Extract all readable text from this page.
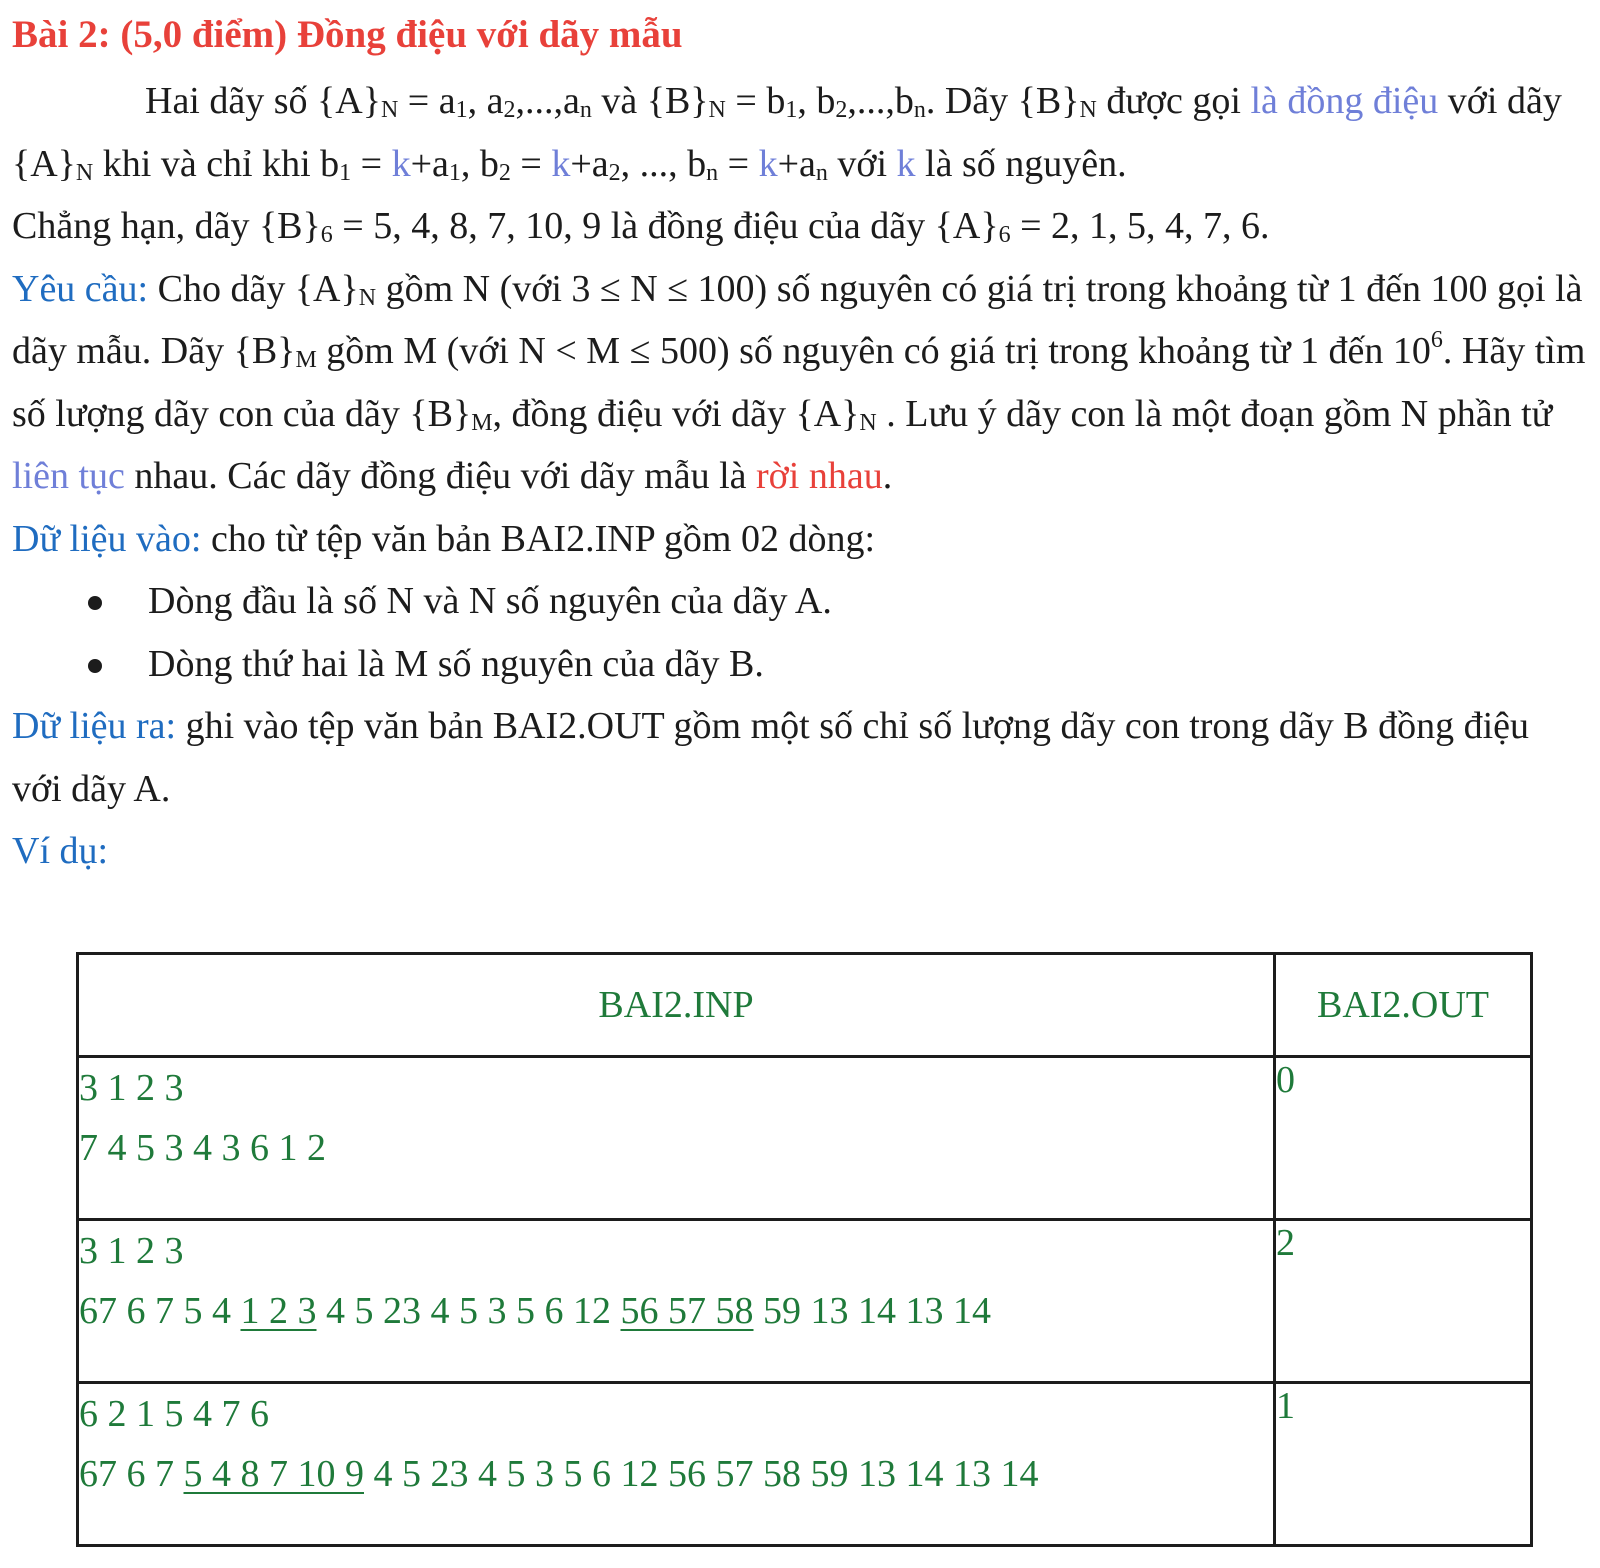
Bài 2: (5,0 điểm) Đồng điệu với dãy mẫu

Hai dãy số $\{A\}_N = a_1$, $a_2,...,a_n$ và $\{B\}_N = b_1$, $b_2,...,b_n$. Dãy $\{B\}_N$ được gọi là đồng điệu với dãy $\{A\}_N$ khi và chỉ khi $b_1 = k+a_1$, $b_2 = k+a_2$, ..., $b_n = k+a_n$ với k là số nguyên.

Chẳng hạn, dãy $\{B\}_6 = 5$, 4, 8, 7, 10, 9 là đồng điệu của dãy $\{A\}_6 = 2$, 1, 5, 4, 7, 6.

Yêu cầu: Cho dãy $\{A\}_N$ gồm N (với 3 ≤ N ≤ 100) số nguyên có giá trị trong khoảng từ 1 đến 100 gọi là dãy mẫu. Dãy $\{B\}_M$ gồm M (với N < M ≤ 500) số nguyên có giá trị trong khoảng từ 1 đến $10^6$. Hãy tìm số lượng dãy con của dãy $\{B\}_M$, đồng điệu với dãy $\{A\}_N$ . Lưu ý dãy con là một đoạn gồm N phần tử liên tục nhau. Các dãy đồng điệu với dãy mẫu là rời nhau.

Dữ liệu vào: cho từ tệp văn bản BAI2.INP gồm 02 dòng:

Dòng đầu là số N và N số nguyên của dãy A.

Dòng thứ hai là M số nguyên của dãy B.

Dữ liệu ra: ghi vào tệp văn bản BAI2.OUT gồm một số chỉ số lượng dãy con trong dãy B đồng điệu với dãy A.

Ví dụ:

BAI2.INP	BAI2.OUT

3 1 2 3
7 4 5 3 4 3 6 1 2	0

3 1 2 3
67 6 7 5 4 1 2 3 4 5 23 4 5 3 5 6 12 56 57 58 59 13 14 13 14	2

6 2 1 5 4 7 6
67 6 7 5 4 8 7 10 9 4 5 23 4 5 3 5 6 12 56 57 58 59 13 14 13 14	1
